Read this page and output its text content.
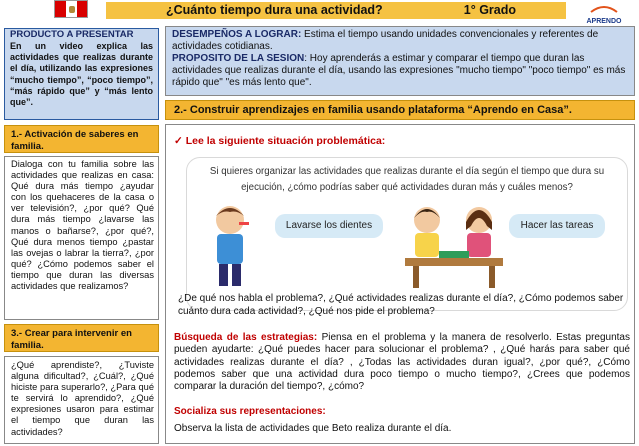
¿Cuánto tiempo dura una actividad?	1° Grado
APRENDO
PRODUCTO A PRESENTAR
En un video explica las actividades que realizas durante el día, utilizando las expresiones “mucho tiempo”, “poco tiempo”, “más rápido que” y “más lento que”.
1.- Activación de saberes en familia.
Dialoga con tu familia sobre las actividades que realizas en casa: Qué dura más tiempo ¿ayudar con los quehaceres de la casa o ver televisión?, ¿por qué? Qué dura más tiempo ¿lavarse las manos o bañarse?, ¿por qué?, Qué dura menos tiempo ¿pastar las ovejas o labrar la tierra?, ¿por qué? ¿Cómo podemos saber el tiempo que duran las diversas actividades que realizamos?
3.- Crear para intervenir en familia.
¿Qué aprendiste?, ¿Tuviste alguna dificultad?, ¿Cuál?, ¿Qué hiciste para superarlo?, ¿Para qué te servirá lo aprendido?, ¿Qué expresiones usaron para estimar el tiempo que duran las actividades?
DESEMPEÑOS A LOGRAR: Estima el tiempo usando unidades convencionales y referentes de actividades cotidianas.
PROPOSITO DE LA SESION: Hoy aprenderás a estimar y comparar el tiempo que duran las actividades que realizas durante el día, usando las expresiones "mucho tiempo" "poco tiempo" es más rápido que" "es más lento que".
2.- Construir aprendizajes en familia usando plataforma “Aprendo en Casa”.
✓ Lee la siguiente situación problemática:
Si quieres organizar las actividades que realizas durante el día según el tiempo que dura su ejecución, ¿cómo podrías saber qué actividades duran más y cuáles menos?
Lavarse los dientes	Hacer las tareas
¿De qué nos habla el problema?, ¿Qué actividades realizas durante el día?, ¿Cómo podemos saber cuánto dura cada actividad?, ¿Qué nos pide el problema?
Búsqueda de las estrategias: Piensa en el problema y la manera de resolverlo. Estas preguntas pueden ayudarte: ¿Qué puedes hacer para solucionar el problema? , ¿Qué harás para saber qué actividades realizas durante el día? , ¿Todas las actividades duran igual?, ¿por qué?, ¿Cómo podemos saber que una actividad dura poco tiempo o mucho tiempo?, ¿Crees que podemos comparar la duración del tiempo?, ¿cómo?
Socializa sus representaciones:
Observa la lista de actividades que Beto realiza durante el día.
